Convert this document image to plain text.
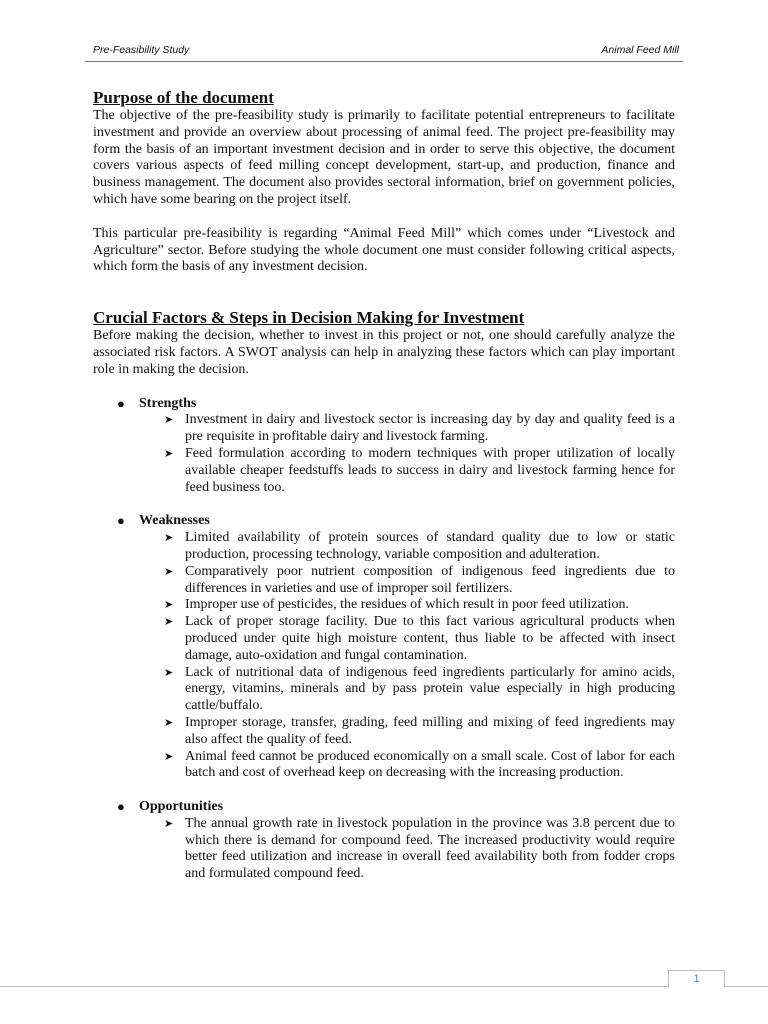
Pre-Feasibility Study	Animal Feed Mill
Purpose of the document

The objective of the pre-feasibility study is primarily to facilitate potential entrepreneurs to facilitate investment and provide an overview about processing of animal feed. The project pre-feasibility may form the basis of an important investment decision and in order to serve this objective, the document covers various aspects of feed milling concept development, start-up, and production, finance and business management. The document also provides sectoral information, brief on government policies, which have some bearing on the project itself.

This particular pre-feasibility is regarding “Animal Feed Mill” which comes under “Livestock and Agriculture” sector. Before studying the whole document one must consider following critical aspects, which form the basis of any investment decision.

Crucial Factors & Steps in Decision Making for Investment

Before making the decision, whether to invest in this project or not, one should carefully analyze the associated risk factors. A SWOT analysis can help in analyzing these factors which can play important role in making the decision.

● Strengths
➤ Investment in dairy and livestock sector is increasing day by day and quality feed is a pre requisite in profitable dairy and livestock farming.
➤ Feed formulation according to modern techniques with proper utilization of locally available cheaper feedstuffs leads to success in dairy and livestock farming hence for feed business too.
● Weaknesses
➤ Limited availability of protein sources of standard quality due to low or static production, processing technology, variable composition and adulteration.
➤ Comparatively poor nutrient composition of indigenous feed ingredients due to differences in varieties and use of improper soil fertilizers.
➤ Improper use of pesticides, the residues of which result in poor feed utilization.
➤ Lack of proper storage facility. Due to this fact various agricultural products when produced under quite high moisture content, thus liable to be affected with insect damage, auto-oxidation and fungal contamination.
➤ Lack of nutritional data of indigenous feed ingredients particularly for amino acids, energy, vitamins, minerals and by pass protein value especially in high producing cattle/buffalo.
➤ Improper storage, transfer, grading, feed milling and mixing of feed ingredients may also affect the quality of feed.
➤ Animal feed cannot be produced economically on a small scale. Cost of labor for each batch and cost of overhead keep on decreasing with the increasing production.
● Opportunities
➤ The annual growth rate in livestock population in the province was 3.8 percent due to which there is demand for compound feed. The increased productivity would require better feed utilization and increase in overall feed availability both from fodder crops and formulated compound feed.
1
